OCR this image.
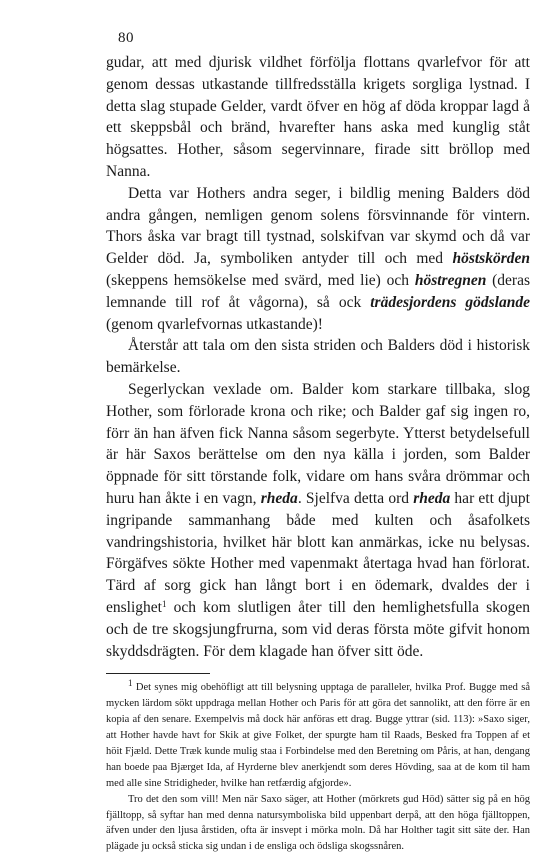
80

gudar, att med djurisk vildhet förfölja flottans qvarlefvor för att genom dessas utkastande tillfredsställa krigets sorgliga lystnad. I detta slag stupade Gelder, vardt öfver en hög af döda kroppar lagd å ett skeppsbål och bränd, hvarefter hans aska med kunglig ståt högsattes. Hother, såsom segervinnare, firade sitt bröllop med Nanna.

Detta var Hothers andra seger, i bildlig mening Balders död andra gången, nemligen genom solens försvinnande för vintern. Thors åska var bragt till tystnad, solskifvan var skymd och då var Gelder död. Ja, symboliken antyder till och med höstskörden (skeppens hemsökelse med svärd, med lie) och höstregnen (deras lemnande till rof åt vågorna), så ock trädesjordens gödslande (genom qvarlefvornas utkastande)!

Återstår att tala om den sista striden och Balders död i historisk bemärkelse.

Segerlyckan vexlade om. Balder kom starkare tillbaka, slog Hother, som förlorade krona och rike; och Balder gaf sig ingen ro, förr än han äfven fick Nanna såsom segerbyte. Ytterst betydelsefull är här Saxos berättelse om den nya källa i jorden, som Balder öppnade för sitt törstande folk, vidare om hans svåra drömmar och huru han åkte i en vagn, rheda. Sjelfva detta ord rheda har ett djupt ingripande sammanhang både med kulten och åsafolkets vandringshistoria, hvilket här blott kan anmärkas, icke nu belysas. Förgäfves sökte Hother med vapenmakt återtaga hvad han förlorat. Tärd af sorg gick han långt bort i en ödemark, dvaldes der i enslighet$^1$ och kom slutligen åter till den hemlighetsfulla skogen och de tre skogsjungfrurna, som vid deras första möte gifvit honom skyddsdrägten. För dem klagade han öfver sitt öde.

1 Det synes mig obehöfligt att till belysning upptaga de paralleler, hvilka Prof. Bugge med så mycken lärdom sökt uppdraga mellan Hother och Paris för att göra det sannolikt, att den förre är en kopia af den senare. Exempelvis må dock här anföras ett drag. Bugge yttrar (sid. 113): »Saxo siger, att Hother havde havt for Skik at give Folket, der spurgte ham til Raads, Besked fra Toppen af et höit Fjæld. Dette Træk kunde mulig staa i Forbindelse med den Beretning om Påris, at han, dengang han boede paa Bjærget Ida, af Hyrderne blev anerkjendt som deres Hövding, saa at de kom til ham med alle sine Stridigheder, hvilke han retfærdig afgjorde».

Tro det den som vill! Men när Saxo säger, att Hother (mörkrets gud Höd) sätter sig på en hög fjälltopp, så syftar han med denna natursymboliska bild uppenbart derpå, att den höga fjälltoppen, äfven under den ljusa årstiden, ofta är insvept i mörka moln. Då har Holther tagit sitt säte der. Han plägade ju också sticka sig undan i de ensliga och ödsliga skogssnåren.
